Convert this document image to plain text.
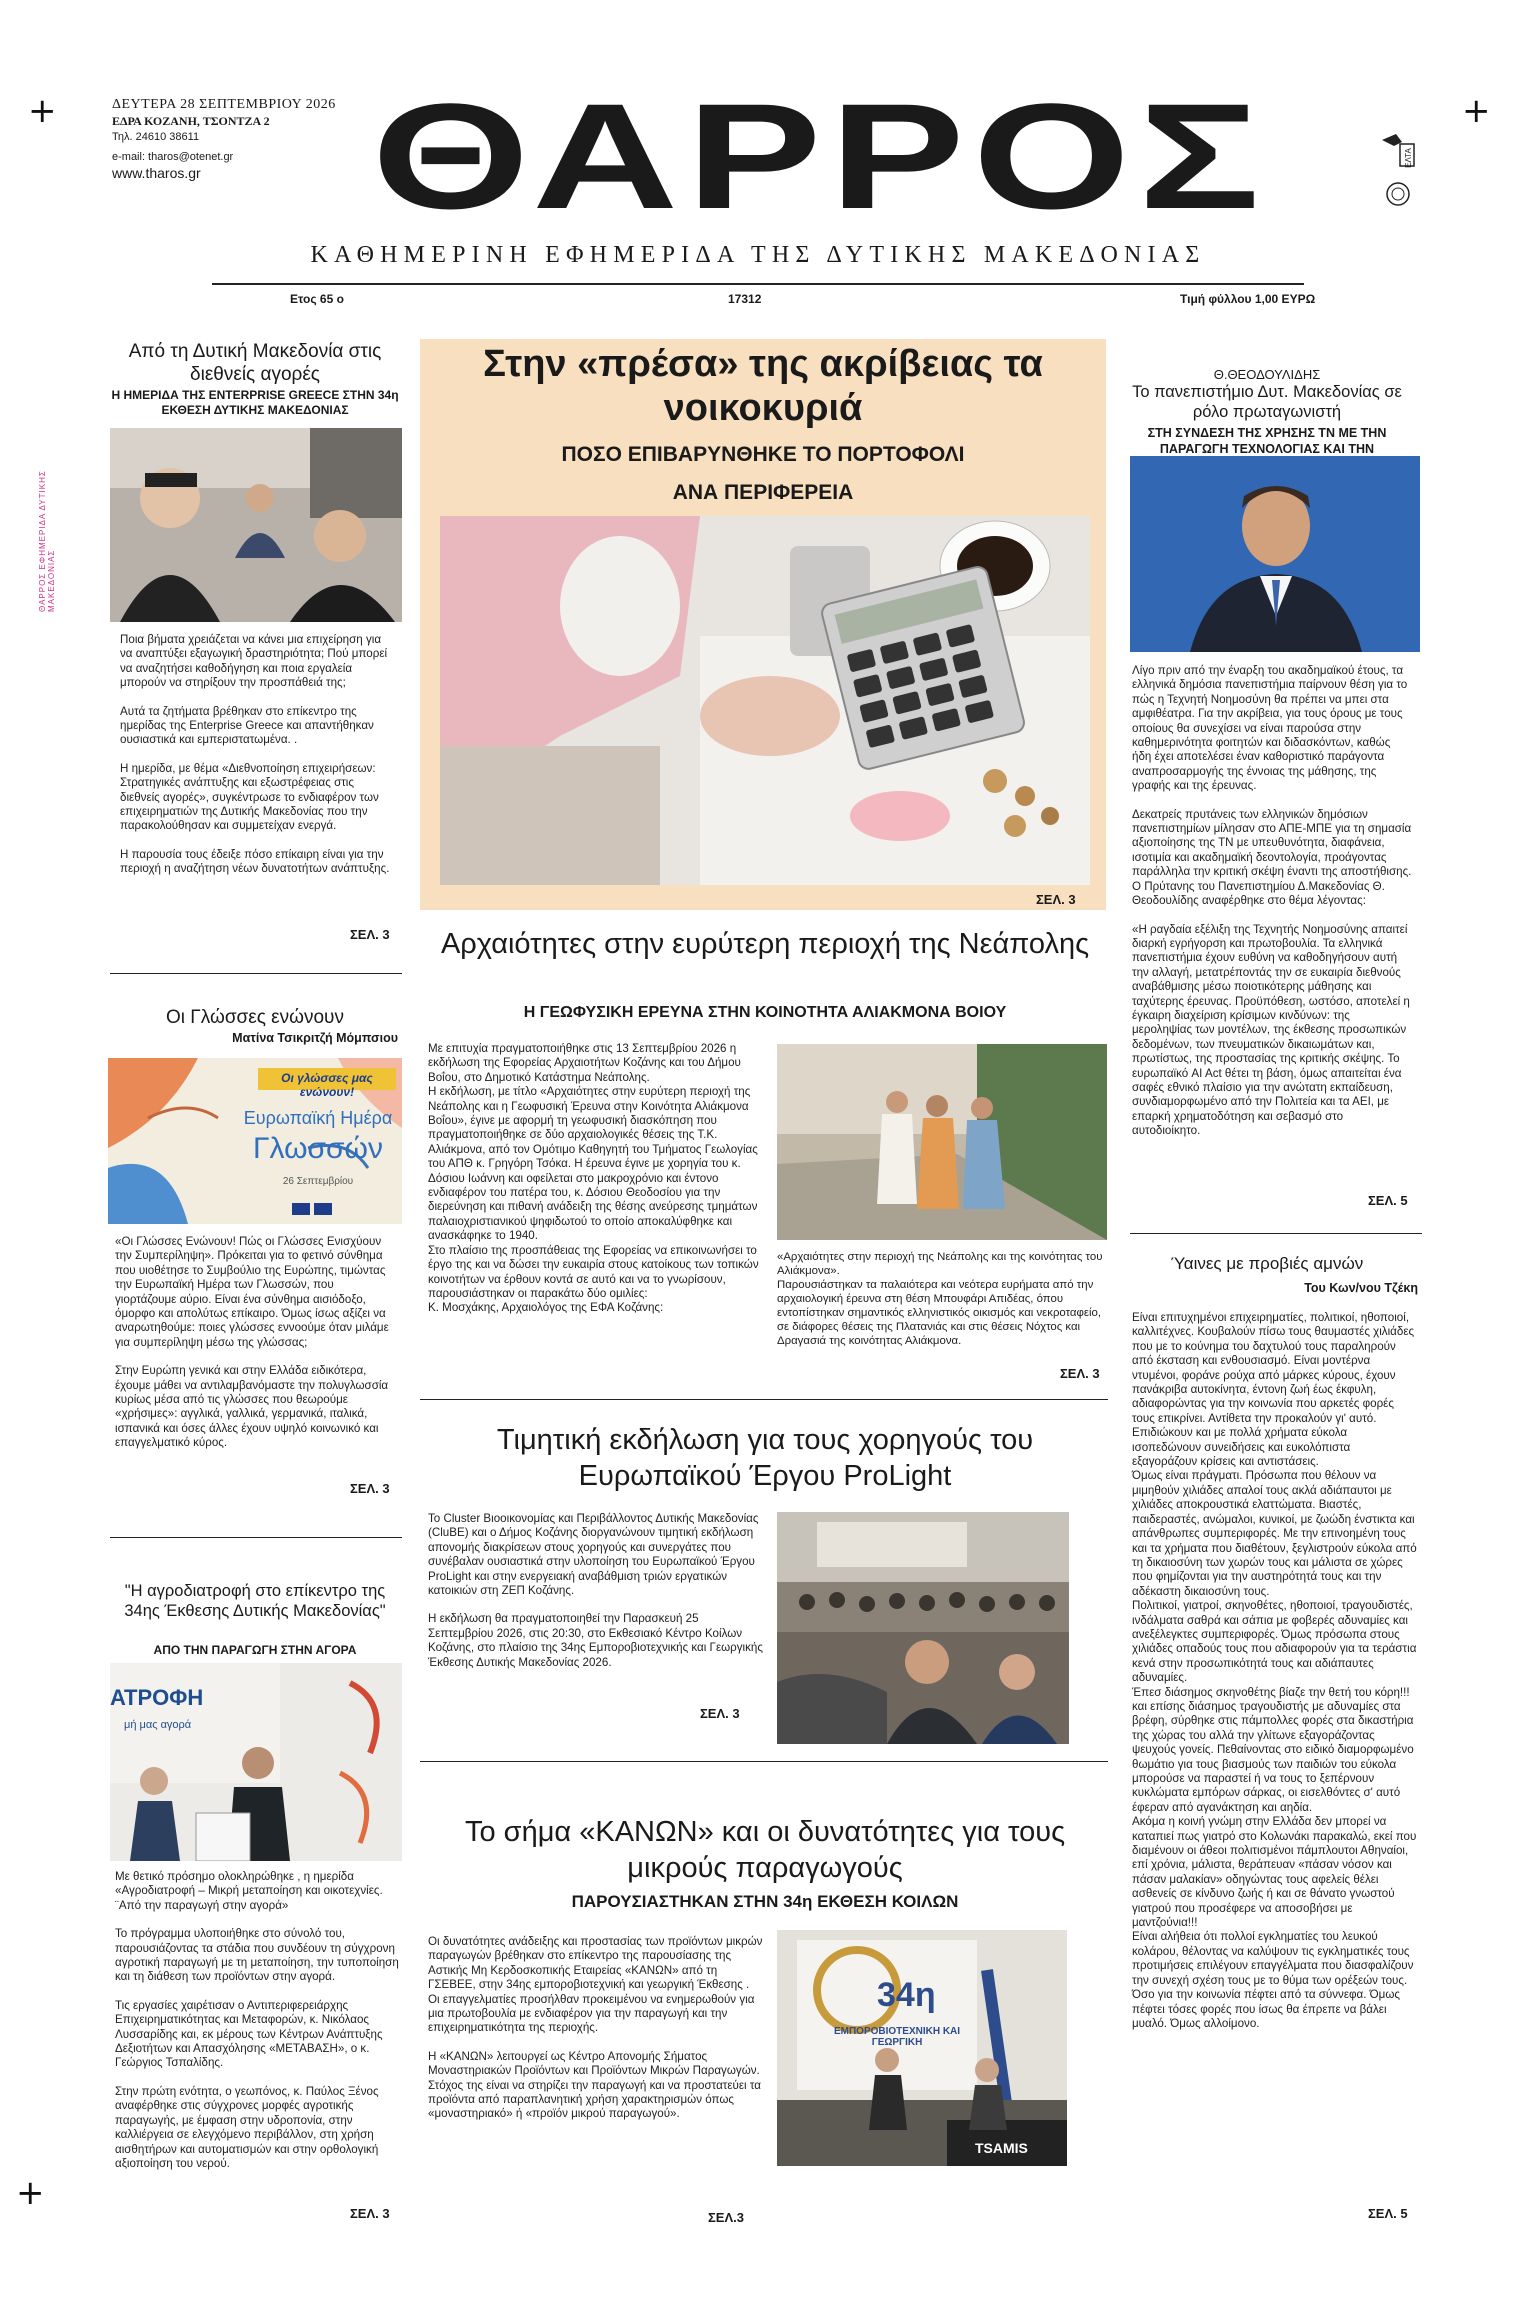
+	+
+
ΘΑΡΡΟΣ ΕΦΗΜΕΡΙΔΑ ΔΥΤΙΚΗΣ ΜΑΚΕΔΟΝΙΑΣ
ΔΕΥΤΕΡΑ 28 ΣΕΠΤΕΜΒΡΙΟΥ 2026
ΕΔΡΑ ΚΟΖΑΝΗ, ΤΣΟΝΤΖΑ 2
Τηλ. 24610 38611
e-mail: tharos@otenet.gr
www.tharos.gr	ΘΑΡΡΟΣ	ΕΛΤΑ
ΚΑΘΗΜΕΡΙΝΗ ΕΦΗΜΕΡΙΔΑ ΤΗΣ ΔΥΤΙΚΗΣ ΜΑΚΕΔΟΝΙΑΣ
Ετος 65 ο	17312	Τιμή φύλλου 1,00 ΕΥΡΩ
Από τη Δυτική Μακεδονία στις διεθνείς αγορές
Η ΗΜΕΡΙΔΑ ΤΗΣ ENTERPRISE GREECE ΣΤΗΝ 34η ΕΚΘΕΣΗ ΔΥΤΙΚΗΣ ΜΑΚΕΔΟΝΙΑΣ

Ποια βήματα χρειάζεται να κάνει μια επιχείρηση για να αναπτύξει εξαγωγική δραστηριότητα; Πού μπορεί να αναζητήσει καθοδήγηση και ποια εργαλεία μπορούν να στηρίξουν την προσπάθειά της;

Αυτά τα ζητήματα βρέθηκαν στο επίκεντρο της ημερίδας της Enterprise Greece και απαντήθηκαν ουσιαστικά και εμπεριστατωμένα. .

Η ημερίδα, με θέμα «Διεθνοποίηση επιχειρήσεων: Στρατηγικές ανάπτυξης και εξωστρέφειας στις διεθνείς αγορές», συγκέντρωσε το ενδιαφέρον των επιχειρηματιών της Δυτικής Μακεδονίας που την παρακολούθησαν και συμμετείχαν ενεργά.

Η παρουσία τους έδειξε πόσο επίκαιρη είναι για την περιοχή η αναζήτηση νέων δυνατοτήτων ανάπτυξης.

ΣΕΛ. 3
Οι Γλώσσες ενώνουν
Ματίνα Τσικριτζή Μόμπσιου
Οι γλώσσες μας ενώνουν!
Ευρωπαϊκή Ημέρα
Γλωσσών
26 Σεπτεμβρίου

«Οι Γλώσσες Ενώνουν! Πώς οι Γλώσσες Ενισχύουν την Συμπερίληψη». Πρόκειται για το φετινό σύνθημα που υιοθέτησε το Συμβούλιο της Ευρώπης, τιμώντας την Ευρωπαϊκή Ημέρα των Γλωσσών, που γιορτάζουμε αύριο. Είναι ένα σύνθημα αισιόδοξο, όμορφο και απολύτως επίκαιρο. Όμως ίσως αξίζει να αναρωτηθούμε: ποιες γλώσσες εννοούμε όταν μιλάμε για συμπερίληψη μέσω της γλώσσας;

Στην Ευρώπη γενικά και στην Ελλάδα ειδικότερα, έχουμε μάθει να αντιλαμβανόμαστε την πολυγλωσσία κυρίως μέσα από τις γλώσσες που θεωρούμε «χρήσιμες»: αγγλικά, γαλλικά, γερμανικά, ιταλικά, ισπανικά και όσες άλλες έχουν υψηλό κοινωνικό και επαγγελματικό κύρος.

ΣΕΛ. 3
"Η αγροδιατροφή στο επίκεντρο της 34ης Έκθεσης Δυτικής Μακεδονίας"
ΑΠΟ ΤΗΝ ΠΑΡΑΓΩΓΗ ΣΤΗΝ ΑΓΟΡΑ
ΑΤΡΟΦΗ
μή μας αγορά

Με θετικό πρόσημο ολοκληρώθηκε , η ημερίδα «Αγροδιατροφή – Μικρή μεταποίηση και οικοτεχνίες. ¨Από την παραγωγή στην αγορά»

Το πρόγραμμα υλοποιήθηκε στο σύνολό του, παρουσιάζοντας τα στάδια που συνδέουν τη σύγχρονη αγροτική παραγωγή με τη μεταποίηση, την τυποποίηση και τη διάθεση των προϊόντων στην αγορά.

Τις εργασίες χαιρέτισαν ο Αντιπεριφερειάρχης Επιχειρηματικότητας και Μεταφορών, κ. Νικόλαος Λυσσαρίδης και, εκ μέρους των Κέντρων Ανάπτυξης Δεξιοτήτων και Απασχόλησης «ΜΕΤΑΒΑΣΗ», ο κ. Γεώργιος Τσπαλίδης.

Στην πρώτη ενότητα, ο γεωπόνος, κ. Παύλος Ξένος αναφέρθηκε στις σύγχρονες μορφές αγροτικής παραγωγής, με έμφαση στην υδροπονία, στην καλλιέργεια σε ελεγχόμενο περιβάλλον, στη χρήση αισθητήρων και αυτοματισμών και στην ορθολογική αξιοποίηση του νερού.

ΣΕΛ. 3
Στην «πρέσα» της ακρίβειας τα νοικοκυριά
ΠΟΣΟ ΕΠΙΒΑΡΥΝΘΗΚΕ ΤΟ ΠΟΡΤΟΦΟΛΙ
ΑΝΑ ΠΕΡΙΦΕΡΕΙΑ
ΣΕΛ. 3
Αρχαιότητες στην ευρύτερη περιοχή της Νεάπολης
Η ΓΕΩΦΥΣΙΚΗ ΕΡΕΥΝΑ ΣΤΗΝ ΚΟΙΝΟΤΗΤΑ ΑΛΙΑΚΜΟΝΑ ΒΟΙΟΥ

Με επιτυχία πραγματοποιήθηκε στις 13 Σεπτεμβρίου 2026 η εκδήλωση της Εφορείας Αρχαιοτήτων Κοζάνης και του Δήμου Βοΐου, στο Δημοτικό Κατάστημα Νεάπολης.

Η εκδήλωση, με τίτλο «Αρχαιότητες στην ευρύτερη περιοχή της Νεάπολης και η Γεωφυσική Έρευνα στην Κοινότητα Αλιάκμονα Βοΐου», έγινε με αφορμή τη γεωφυσική διασκόπηση που πραγματοποιήθηκε σε δύο αρχαιολογικές θέσεις της Τ.Κ. Αλιάκμονα, από τον Ομότιμο Καθηγητή του Τμήματος Γεωλογίας του ΑΠΘ κ. Γρηγόρη Τσόκα. Η έρευνα έγινε με χορηγία του κ. Δόσιου Ιωάννη και οφείλεται στο μακροχρόνιο και έντονο ενδιαφέρον του πατέρα του, κ. Δόσιου Θεοδοσίου για την διερεύνηση και πιθανή ανάδειξη της θέσης ανεύρεσης τμημάτων παλαιοχριστιανικού ψηφιδωτού το οποίο αποκαλύφθηκε και ανασκάφηκε το 1940.

Στο πλαίσιο της προσπάθειας της Εφορείας να επικοινωνήσει το έργο της και να δώσει την ευκαιρία στους κατοίκους των τοπικών κοινοτήτων να έρθουν κοντά σε αυτό και να το γνωρίσουν, παρουσιάστηκαν οι παρακάτω δύο ομιλίες:

Κ. Μοσχάκης, Αρχαιολόγος της ΕΦΑ Κοζάνης:

«Αρχαιότητες στην περιοχή της Νεάπολης και της κοινότητας του Αλιάκμονα».
Παρουσιάστηκαν τα παλαιότερα και νεότερα ευρήματα από την αρχαιολογική έρευνα στη θέση Μπουφάρι Απιδέας, όπου εντοπίστηκαν σημαντικός ελληνιστικός οικισμός και νεκροταφείο, σε διάφορες θέσεις της Πλατανιάς και στις θέσεις Νόχτος και Δραγασιά της κοινότητας Αλιάκμονα.
ΣΕΛ. 3
Τιμητική εκδήλωση για τους χορηγούς του Ευρωπαϊκού Έργου ProLight

Το Cluster Βιοοικονομίας και Περιβάλλοντος Δυτικής Μακεδονίας (CluBE) και ο Δήμος Κοζάνης διοργανώνουν τιμητική εκδήλωση απονομής διακρίσεων στους χορηγούς και συνεργάτες που συνέβαλαν ουσιαστικά στην υλοποίηση του Ευρωπαϊκού Έργου ProLight και στην ενεργειακή αναβάθμιση τριών εργατικών κατοικιών στη ΖΕΠ Κοζάνης.

Η εκδήλωση θα πραγματοποιηθεί την Παρασκευή 25 Σεπτεμβρίου 2026, στις 20:30, στο Εκθεσιακό Κέντρο Κοίλων Κοζάνης, στο πλαίσιο της 34ης Εμποροβιοτεχνικής και Γεωργικής Έκθεσης Δυτικής Μακεδονίας 2026.

ΣΕΛ. 3
Το σήμα «ΚΑΝΩΝ» και οι δυνατότητες για τους μικρούς παραγωγούς
ΠΑΡΟΥΣΙΑΣΤΗΚΑΝ ΣΤΗΝ 34η ΕΚΘΕΣΗ ΚΟΙΛΩΝ

Οι δυνατότητες ανάδειξης και προστασίας των προϊόντων μικρών παραγωγών βρέθηκαν στο επίκεντρο της παρουσίασης της Αστικής Μη Κερδοσκοπικής Εταιρείας «ΚΑΝΩΝ» από τη ΓΣΕΒΕΕ, στην 34ης εμποροβιοτεχνική και γεωργική Έκθεσης . Οι επαγγελματίες προσήλθαν προκειμένου να ενημερωθούν για μια πρωτοβουλία με ενδιαφέρον για την παραγωγή και την επιχειρηματικότητα της περιοχής.

Η «ΚΑΝΩΝ» λειτουργεί ως Κέντρο Απονομής Σήματος Μοναστηριακών Προϊόντων και Προϊόντων Μικρών Παραγωγών. Στόχος της είναι να στηρίζει την παραγωγή και να προστατεύει τα προϊόντα από παραπλανητική χρήση χαρακτηρισμών όπως «μοναστηριακό» ή «προϊόν μικρού παραγωγού».

34η
ΕΜΠΟΡΟΒΙΟΤΕΧΝΙΚΗ ΚΑΙ ΓΕΩΡΓΙΚΗ
TSAMIS
ΣΕΛ.3
Θ.ΘΕΟΔΟΥΛΙΔΗΣ
Το πανεπιστήμιο Δυτ. Μακεδονίας σε ρόλο πρωταγωνιστή
ΣΤΗ ΣΥΝΔΕΣΗ ΤΗΣ ΧΡΗΣΗΣ ΤΝ ΜΕ ΤΗΝ ΠΑΡΑΓΩΓΗ ΤΕΧΝΟΛΟΓΙΑΣ ΚΑΙ ΤΗΝ

Λίγο πριν από την έναρξη του ακαδημαϊκού έτους, τα ελληνικά δημόσια πανεπιστήμια παίρνουν θέση για το πώς η Τεχνητή Νοημοσύνη θα πρέπει να μπει στα αμφιθέατρα. Για την ακρίβεια, για τους όρους με τους οποίους θα συνεχίσει να είναι παρούσα στην καθημερινότητα φοιτητών και διδασκόντων, καθώς ήδη έχει αποτελέσει έναν καθοριστικό παράγοντα αναπροσαρμογής της έννοιας της μάθησης, της γραφής και της έρευνας.

Δεκατρείς πρυτάνεις των ελληνικών δημόσιων πανεπιστημίων μίλησαν στο ΑΠΕ-ΜΠΕ για τη σημασία αξιοποίησης της ΤΝ με υπευθυνότητα, διαφάνεια, ισοτιμία και ακαδημαϊκή δεοντολογία, προάγοντας παράλληλα την κριτική σκέψη έναντι της αποστήθισης. Ο Πρύτανης του Πανεπιστημίου Δ.Μακεδονίας Θ. Θεοδουλίδης αναφέρθηκε στο θέμα λέγοντας:

«Η ραγδαία εξέλιξη της Τεχνητής Νοημοσύνης απαιτεί διαρκή εγρήγορση και πρωτοβουλία. Τα ελληνικά πανεπιστήμια έχουν ευθύνη να καθοδηγήσουν αυτή την αλλαγή, μετατρέποντάς την σε ευκαιρία διεθνούς αναβάθμισης μέσω ποιοτικότερης μάθησης και ταχύτερης έρευνας. Προϋπόθεση, ωστόσο, αποτελεί η έγκαιρη διαχείριση κρίσιμων κινδύνων: της μεροληψίας των μοντέλων, της έκθεσης προσωπικών δεδομένων, των πνευματικών δικαιωμάτων και, πρωτίστως, της προστασίας της κριτικής σκέψης. Το ευρωπαϊκό AI Act θέτει τη βάση, όμως απαιτείται ένα σαφές εθνικό πλαίσιο για την ανώτατη εκπαίδευση, συνδιαμορφωμένο από την Πολιτεία και τα ΑΕΙ, με επαρκή χρηματοδότηση και σεβασμό στο αυτοδιοίκητο.

ΣΕΛ. 5
Ύαινες με προβιές αμνών
Του Κων/νου Τζέκη

Είναι επιτυχημένοι επιχειρηματίες, πολιτικοί, ηθοποιοί, καλλιτέχνες. Κουβαλούν πίσω τους θαυμαστές χιλιάδες που με το κούνημα του δαχτυλού τους παραληρούν από έκσταση και ενθουσιασμό. Είναι μοντέρνα ντυμένοι, φοράνε ρούχα από μάρκες κύρους, έχουν πανάκριβα αυτοκίνητα, έντονη ζωή έως έκφυλη, αδιαφορώντας για την κοινωνία που αρκετές φορές τους επικρίνει. Αντίθετα την προκαλούν γι' αυτό.

Επιδιώκουν και με πολλά χρήματα εύκολα ισοπεδώνουν συνειδήσεις και ευκολόπιστα εξαγοράζουν κρίσεις και αντιστάσεις.

Όμως είναι πράγματι. Πρόσωπα που θέλουν να μιμηθούν χιλιάδες απαλοί τους ακλά αδιάπαυτοι με χιλιάδες αποκρουστικά ελαττώματα. Βιαστές, παιδεραστές, ανώμαλοι, κυνικοί, με ζωώδη ένστικτα και απάνθρωπες συμπεριφορές. Με την επινοημένη τους και τα χρήματα που διαθέτουν, ξεγλιστρούν εύκολα από τη δικαιοσύνη των χωρών τους και μάλιστα σε χώρες που φημίζονται για την αυστηρότητά τους και την αδέκαστη δικαιοσύνη τους.

Πολιτικοί, γιατροί, σκηνοθέτες, ηθοποιοί, τραγουδιστές, ινδάλματα σαθρά και σάπια με φοβερές αδυναμίες και ανεξέλεγκτες συμπεριφορές. Όμως πρόσωπα στους χιλιάδες οπαδούς τους που αδιαφορούν για τα τεράστια κενά στην προσωπικότητά τους και αδιάπαυτες αδυναμίες.

Έπεσ διάσημος σκηνοθέτης βίαζε την θετή του κόρη!!! και επίσης διάσημος τραγουδιστής με αδυναμίες στα βρέφη, σύρθηκε στις πάμπολλες φορές στα δικαστήρια της χώρας του αλλά την γλίτωνε εξαγοράζοντας ψευχούς γονείς. Πεθαίνοντας στο ειδικό διαμορφωμένο θωμάτιο για τους βιασμούς των παιδιών του εύκολα μπορούσε να παραστεί ή να τους το ξεπέρνουν κυκλώματα εμπόρων σάρκας, οι εισελθόντες σ' αυτό έφεραν από αγανάκτηση και αηδία.

Ακόμα η κοινή γνώμη στην Ελλάδα δεν μπορεί να καταπιεί πως γιατρό στο Κολωνάκι παρακαλώ, εκεί που διαμένουν οι άθεοι πολιτισμένοι πάμπλουτοι Αθηναίοι, επί χρόνια, μάλιστα, θεράπευαν «πάσαν νόσον και πάσαν μαλακίαν» οδηγώντας τους αφελείς θέλει ασθενείς σε κίνδυνο ζωής ή και σε θάνατο γνωστού γιατρού που προσέφερε να αποσοβήσει με μαντζούνια!!!

Είναι αλήθεια ότι πολλοί εγκληματίες του λευκού κολάρου, θέλοντας να καλύψουν τις εγκληματικές τους προτιμήσεις επιλέγουν επαγγέλματα που διασφαλίζουν την συνεχή σχέση τους με το θύμα των ορέξεών τους.

Όσο για την κοινωνία πέφτει από τα σύννεφα. Όμως πέφτει τόσες φορές που ίσως θα έπρεπε να βάλει μυαλό. Όμως αλλοίμονο.

ΣΕΛ. 5
